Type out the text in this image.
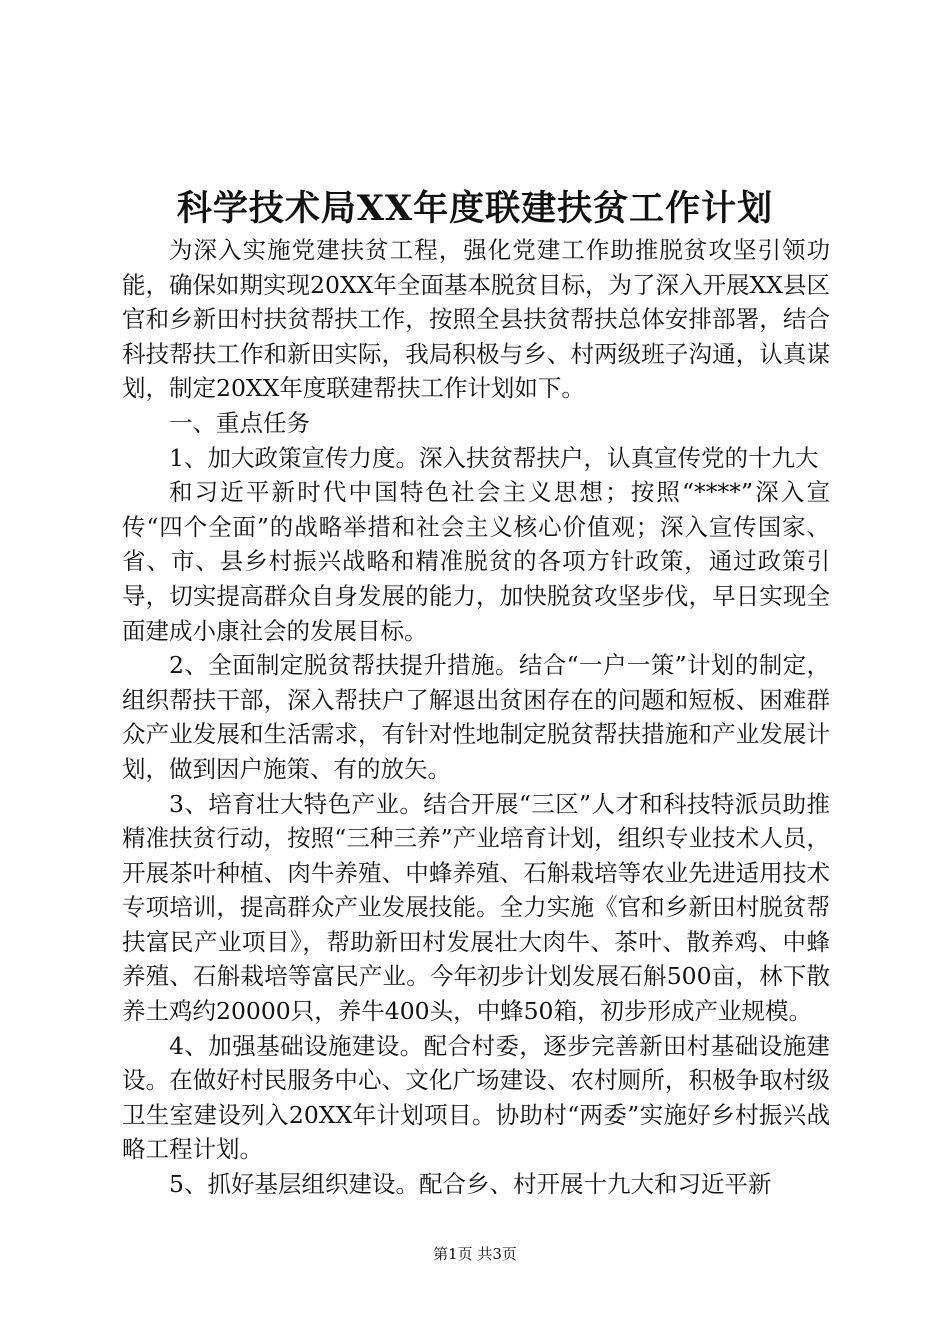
科学技术局XX年度联建扶贫工作计划

为深入实施党建扶贫工程，强化党建工作助推脱贫攻坚引领功能，确保如期实现20XX年全面基本脱贫目标，为了深入开展XX县区官和乡新田村扶贫帮扶工作，按照全县扶贫帮扶总体安排部署，结合科技帮扶工作和新田实际，我局积极与乡、村两级班子沟通，认真谋划，制定20XX年度联建帮扶工作计划如下。

一、重点任务

1、加大政策宣传力度。深入扶贫帮扶户，认真宣传党的十九大

和习近平新时代中国特色社会主义思想；按照“****”深入宣传“四个全面”的战略举措和社会主义核心价值观；深入宣传国家、省、市、县乡村振兴战略和精准脱贫的各项方针政策，通过政策引导，切实提高群众自身发展的能力，加快脱贫攻坚步伐，早日实现全面建成小康社会的发展目标。

2、全面制定脱贫帮扶提升措施。结合“一户一策”计划的制定，组织帮扶干部，深入帮扶户了解退出贫困存在的问题和短板、困难群众产业发展和生活需求，有针对性地制定脱贫帮扶措施和产业发展计划，做到因户施策、有的放矢。

3、培育壮大特色产业。结合开展“三区”人才和科技特派员助推精准扶贫行动，按照“三种三养”产业培育计划，组织专业技术人员，开展茶叶种植、肉牛养殖、中蜂养殖、石斛栽培等农业先进适用技术专项培训，提高群众产业发展技能。全力实施《官和乡新田村脱贫帮扶富民产业项目》，帮助新田村发展壮大肉牛、茶叶、散养鸡、中蜂养殖、石斛栽培等富民产业。今年初步计划发展石斛500亩，林下散养土鸡约20000只，养牛400头，中蜂50箱，初步形成产业规模。

4、加强基础设施建设。配合村委，逐步完善新田村基础设施建设。在做好村民服务中心、文化广场建设、农村厕所，积极争取村级卫生室建设列入20XX年计划项目。协助村“两委”实施好乡村振兴战略工程计划。

5、抓好基层组织建设。配合乡、村开展十九大和习近平新

第1页 共3页
